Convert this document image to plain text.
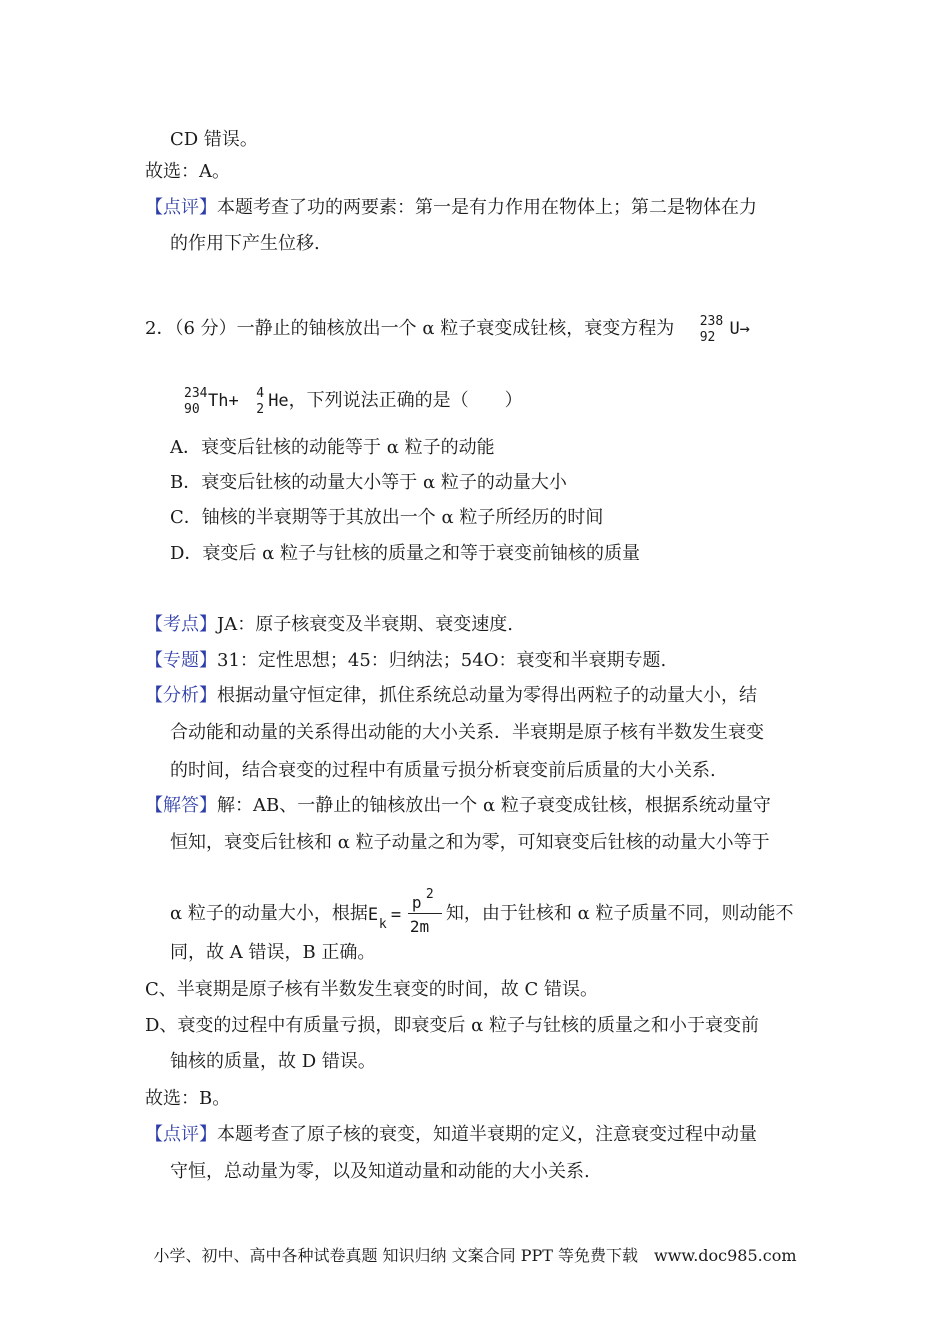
CD 错误。
故选：A。
【点评】本题考查了功的两要素：第一是有力作用在物体上；第二是物体在力
的作用下产生位移.
2．（6 分）一静止的铀核放出一个 α 粒子衰变成钍核，衰变方程为 238
92 U→
234
90 Th+ 4
2 He，下列说法正确的是（　　）
A．衰变后钍核的动能等于 α 粒子的动能
B．衰变后钍核的动量大小等于 α 粒子的动量大小
C．铀核的半衰期等于其放出一个 α 粒子所经历的时间
D．衰变后 α 粒子与钍核的质量之和等于衰变前铀核的质量
【考点】JA：原子核衰变及半衰期、衰变速度.
【专题】31：定性思想；45：归纳法；54O：衰变和半衰期专题.
【分析】根据动量守恒定律，抓住系统总动量为零得出两粒子的动量大小，结
合动能和动量的关系得出动能的大小关系．半衰期是原子核有半数发生衰变
的时间，结合衰变的过程中有质量亏损分析衰变前后质量的大小关系.
【解答】解：AB、一静止的铀核放出一个 α 粒子衰变成钍核，根据系统动量守
恒知，衰变后钍核和 α 粒子动量之和为零，可知衰变后钍核的动量大小等于
α 粒子的动量大小，根据 E k =
p 2
2m
知，由于钍核和 α 粒子质量不同，则动能不
同，故 A 错误，B 正确。
C、半衰期是原子核有半数发生衰变的时间，故 C 错误。
D、衰变的过程中有质量亏损，即衰变后 α 粒子与钍核的质量之和小于衰变前
铀核的质量，故 D 错误。
故选：B。
【点评】本题考查了原子核的衰变，知道半衰期的定义，注意衰变过程中动量
守恒，总动量为零，以及知道动量和动能的大小关系.
小学、初中、高中各种试卷真题 知识归纳 文案合同 PPT 等免费下载　www.doc985.com
